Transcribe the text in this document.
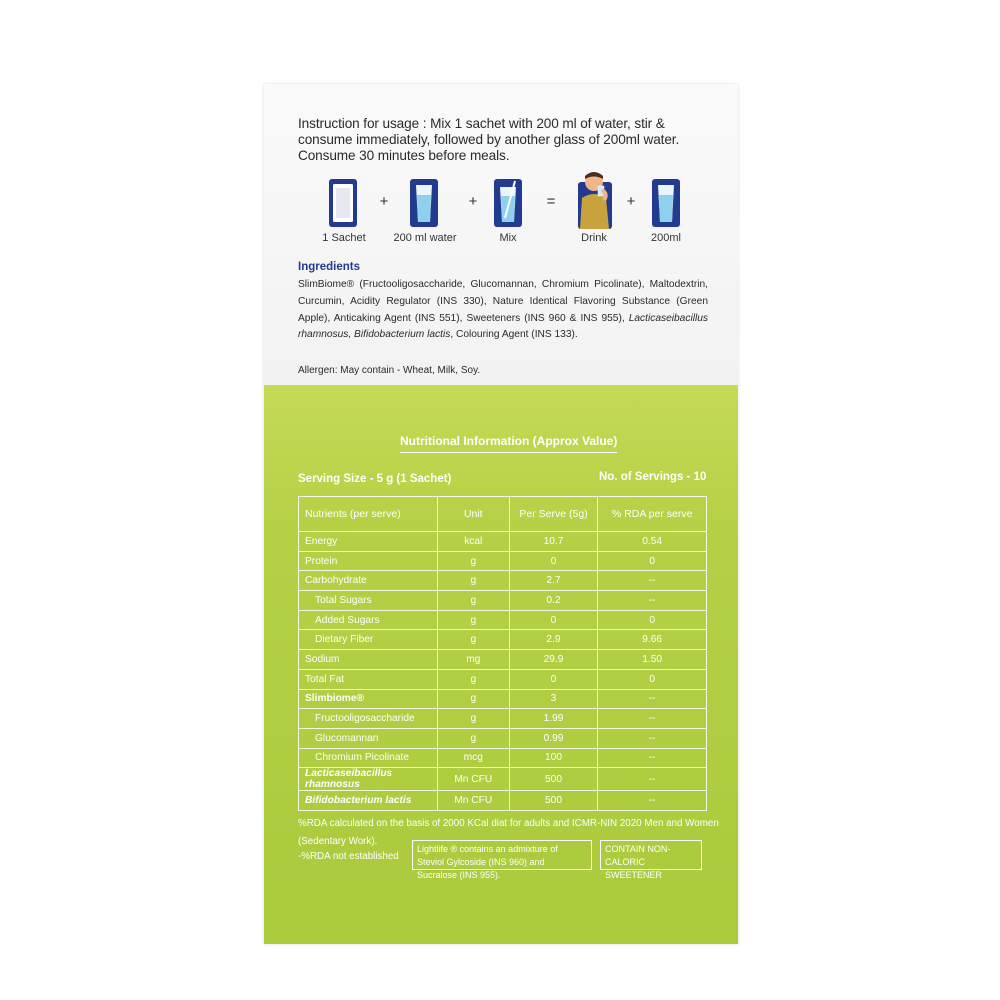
Instruction for usage : Mix 1 sachet with 200 ml of water, stir & consume immediately, followed by another glass of 200ml water. Consume 30 minutes before meals.
+	+	=	+
1 Sachet	200 ml water	Mix	Drink	200ml
Ingredients
SlimBiome® (Fructooligosaccharide, Glucomannan, Chromium Picolinate), Maltodextrin, Curcumin, Acidity Regulator (INS 330), Nature Identical Flavoring Substance (Green Apple), Anticaking Agent (INS 551), Sweeteners (INS 960 & INS 955), Lacticaseibacillus rhamnosus, Bifidobacterium lactis, Colouring Agent (INS 133).
Allergen: May contain - Wheat, Milk, Soy.
Nutritional Information (Approx Value)
Serving Size - 5 g (1 Sachet)	No. of Servings - 10
Nutrients (per serve)	Unit	Per Serve (5g)	% RDA per serve
Energy	kcal	10.7	0.54
Protein	g	0	0
Carbohydrate	g	2.7	--
Total Sugars	g	0.2	--
Added Sugars	g	0	0
Dietary Fiber	g	2.9	9.66
Sodium	mg	29.9	1.50
Total Fat	g	0	0
Slimbiome®	g	3	--
Fructooligosaccharide	g	1.99	--
Glucomannan	g	0.99	--
Chromium Picolinate	mcg	100	--
Lacticaseibacillus rhamnosus	Mn CFU	500	--
Bifidobacterium lactis	Mn CFU	500	--
%RDA calculated on the basis of 2000 KCal diat for adults and ICMR-NIN 2020 Men and Women
(Sedentary Work).
-%RDA not established
Lightlife ® contains an admixture of Steviol Gylcoside (INS 960) and Sucralose (INS 955).
CONTAIN NON-CALORIC SWEETENER
